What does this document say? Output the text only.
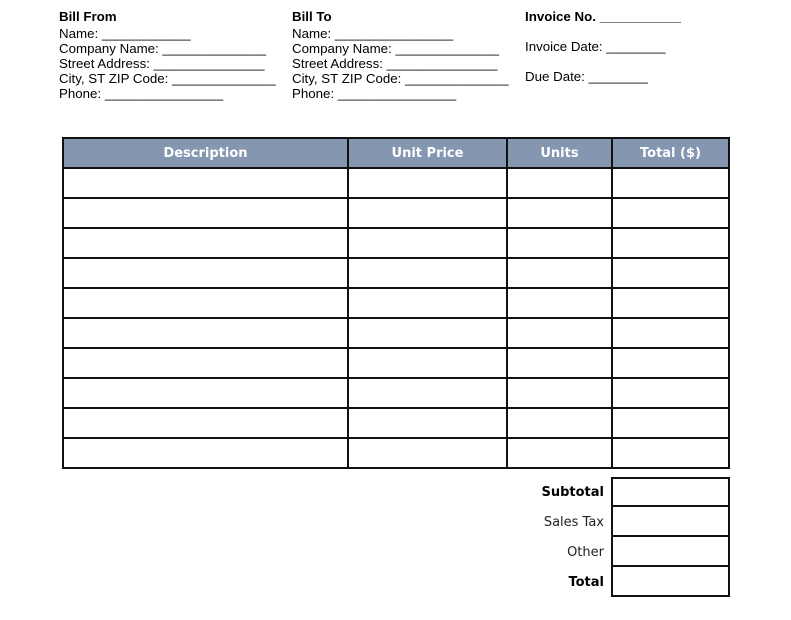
Bill From
Name: ____________
Company Name: ______________
Street Address: _______________
City, ST ZIP Code: ______________
Phone: ________________
Bill To
Name: ________________
Company Name: ______________
Street Address: _______________
City, ST ZIP Code: ______________
Phone: ________________
Invoice No. ___________
Invoice Date: ________
Due Date: ________
Description	Unit Price	Units	Total ($)

Subtotal
Sales Tax
Other
Total
